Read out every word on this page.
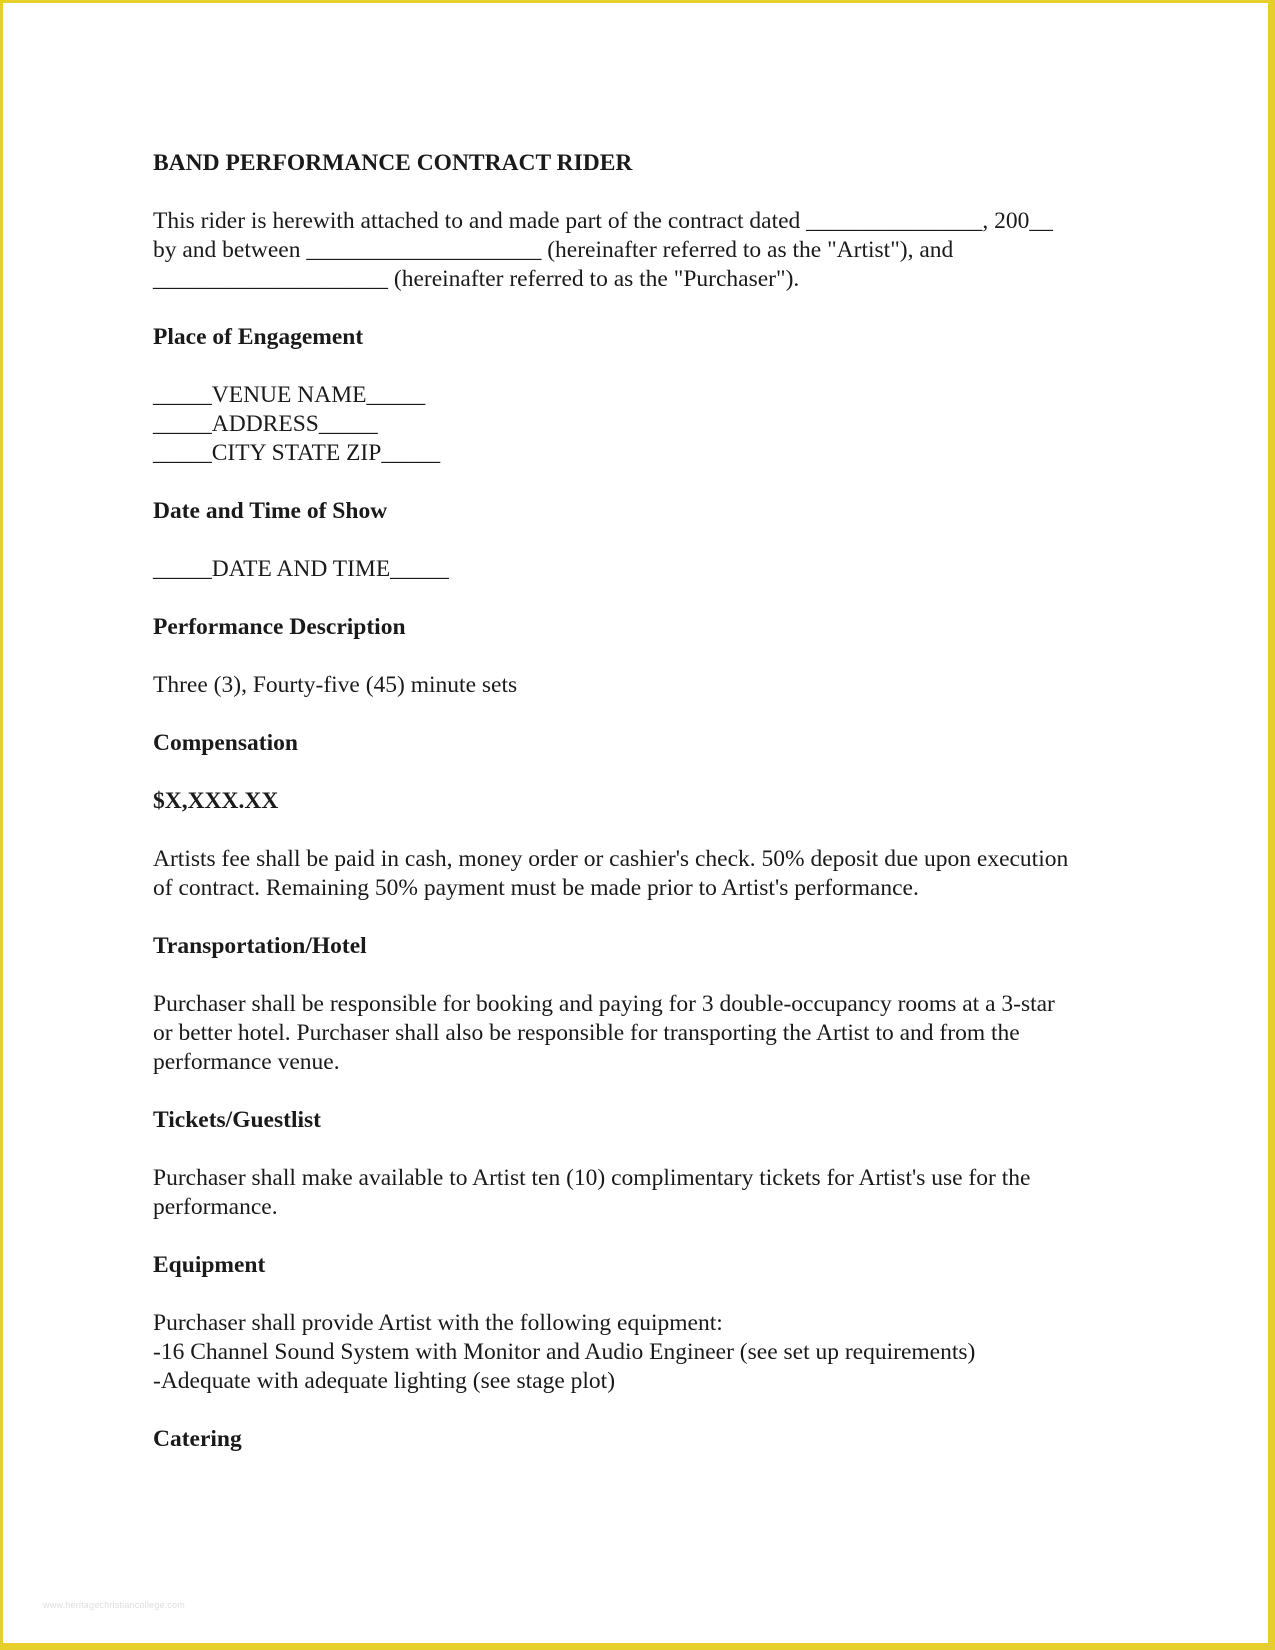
BAND PERFORMANCE CONTRACT RIDER
This rider is herewith attached to and made part of the contract dated _______________, 200__
by and between ____________________ (hereinafter referred to as the "Artist"), and
____________________ (hereinafter referred to as the "Purchaser").
Place of Engagement
_____VENUE NAME_____
_____ADDRESS_____
_____CITY STATE ZIP_____
Date and Time of Show
_____DATE AND TIME_____
Performance Description
Three (3), Fourty-five (45) minute sets
Compensation
$X,XXX.XX
Artists fee shall be paid in cash, money order or cashier's check. 50% deposit due upon execution
of contract. Remaining 50% payment must be made prior to Artist's performance.
Transportation/Hotel
Purchaser shall be responsible for booking and paying for 3 double-occupancy rooms at a 3-star
or better hotel. Purchaser shall also be responsible for transporting the Artist to and from the
performance venue.
Tickets/Guestlist
Purchaser shall make available to Artist ten (10) complimentary tickets for Artist's use for the
performance.
Equipment
Purchaser shall provide Artist with the following equipment:
-16 Channel Sound System with Monitor and Audio Engineer (see set up requirements)
-Adequate with adequate lighting (see stage plot)
Catering
www.heritagechristiancollege.com
